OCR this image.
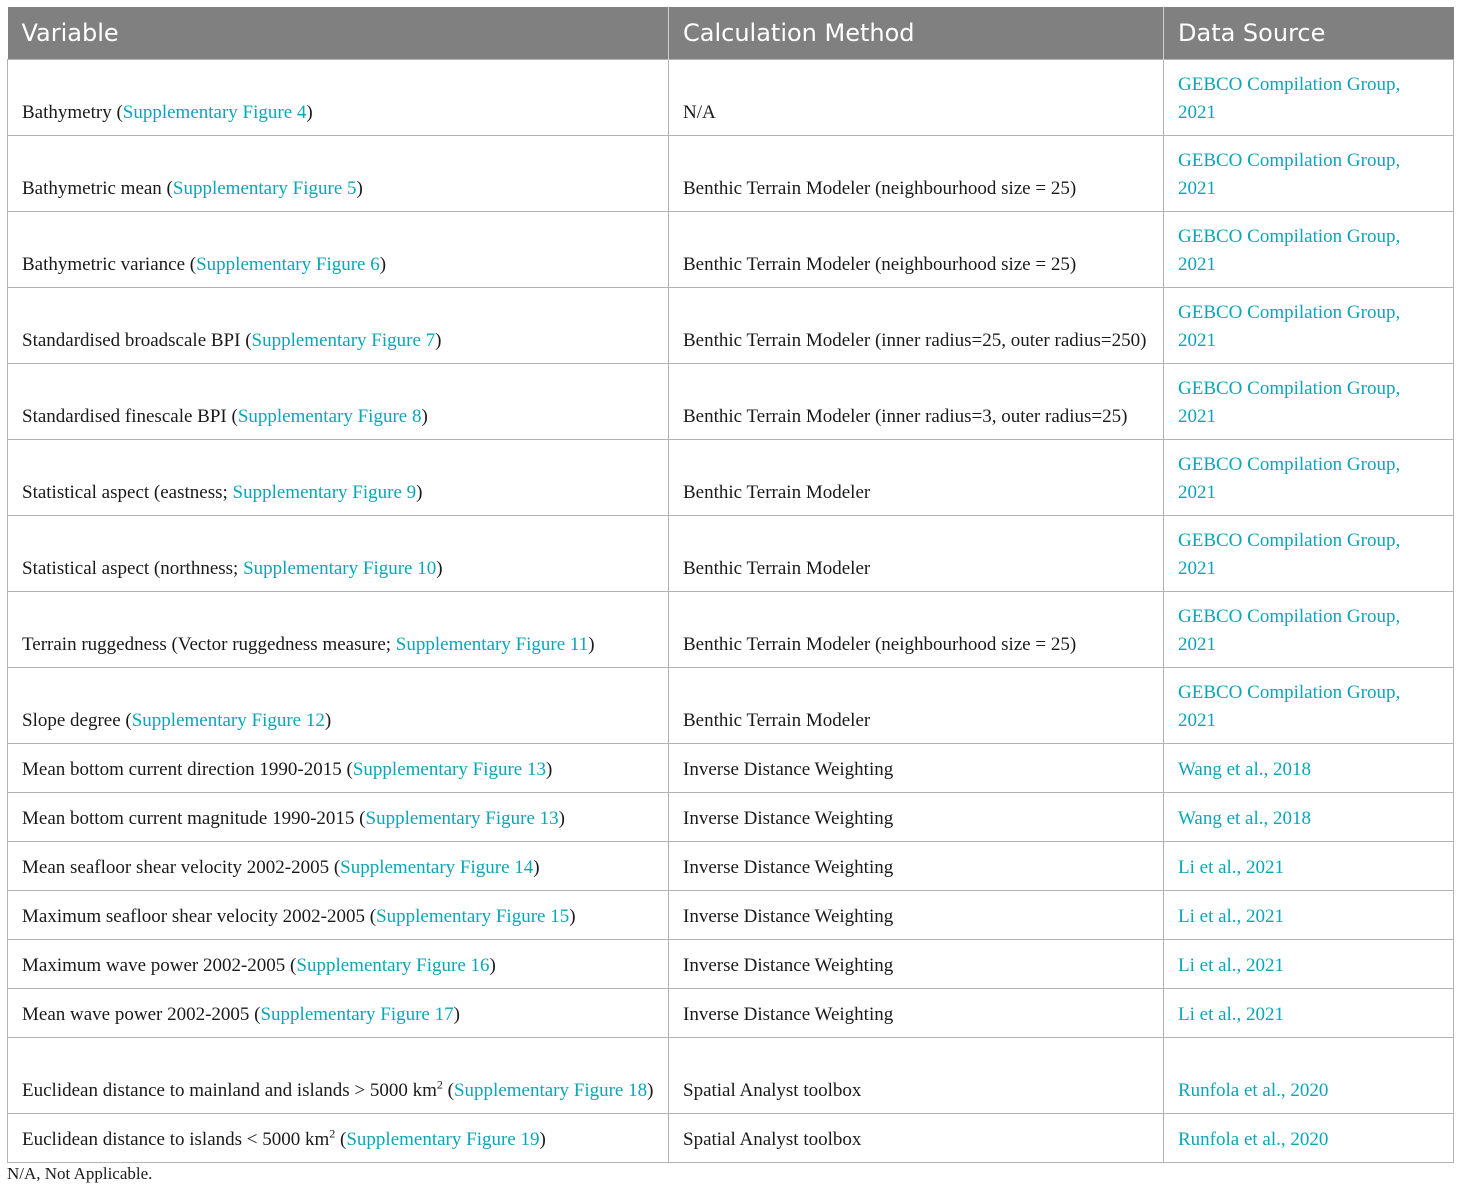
Variable	Calculation Method	Data Source
Bathymetry (Supplementary Figure 4)	N/A	GEBCO Compilation Group, 2021
Bathymetric mean (Supplementary Figure 5)	Benthic Terrain Modeler (neighbourhood size = 25)	GEBCO Compilation Group, 2021
Bathymetric variance (Supplementary Figure 6)	Benthic Terrain Modeler (neighbourhood size = 25)	GEBCO Compilation Group, 2021
Standardised broadscale BPI (Supplementary Figure 7)	Benthic Terrain Modeler (inner radius=25, outer radius=250)	GEBCO Compilation Group, 2021
Standardised finescale BPI (Supplementary Figure 8)	Benthic Terrain Modeler (inner radius=3, outer radius=25)	GEBCO Compilation Group, 2021
Statistical aspect (eastness; Supplementary Figure 9)	Benthic Terrain Modeler	GEBCO Compilation Group, 2021
Statistical aspect (northness; Supplementary Figure 10)	Benthic Terrain Modeler	GEBCO Compilation Group, 2021
Terrain ruggedness (Vector ruggedness measure; Supplementary Figure 11)	Benthic Terrain Modeler (neighbourhood size = 25)	GEBCO Compilation Group, 2021
Slope degree (Supplementary Figure 12)	Benthic Terrain Modeler	GEBCO Compilation Group, 2021
Mean bottom current direction 1990-2015 (Supplementary Figure 13)	Inverse Distance Weighting	Wang et al., 2018
Mean bottom current magnitude 1990-2015 (Supplementary Figure 13)	Inverse Distance Weighting	Wang et al., 2018
Mean seafloor shear velocity 2002-2005 (Supplementary Figure 14)	Inverse Distance Weighting	Li et al., 2021
Maximum seafloor shear velocity 2002-2005 (Supplementary Figure 15)	Inverse Distance Weighting	Li et al., 2021
Maximum wave power 2002-2005 (Supplementary Figure 16)	Inverse Distance Weighting	Li et al., 2021
Mean wave power 2002-2005 (Supplementary Figure 17)	Inverse Distance Weighting	Li et al., 2021
Euclidean distance to mainland and islands > 5000 $km^2$ (Supplementary Figure 18)	Spatial Analyst toolbox	Runfola et al., 2020
Euclidean distance to islands < 5000 $km^2$ (Supplementary Figure 19)	Spatial Analyst toolbox	Runfola et al., 2020
N/A, Not Applicable.
